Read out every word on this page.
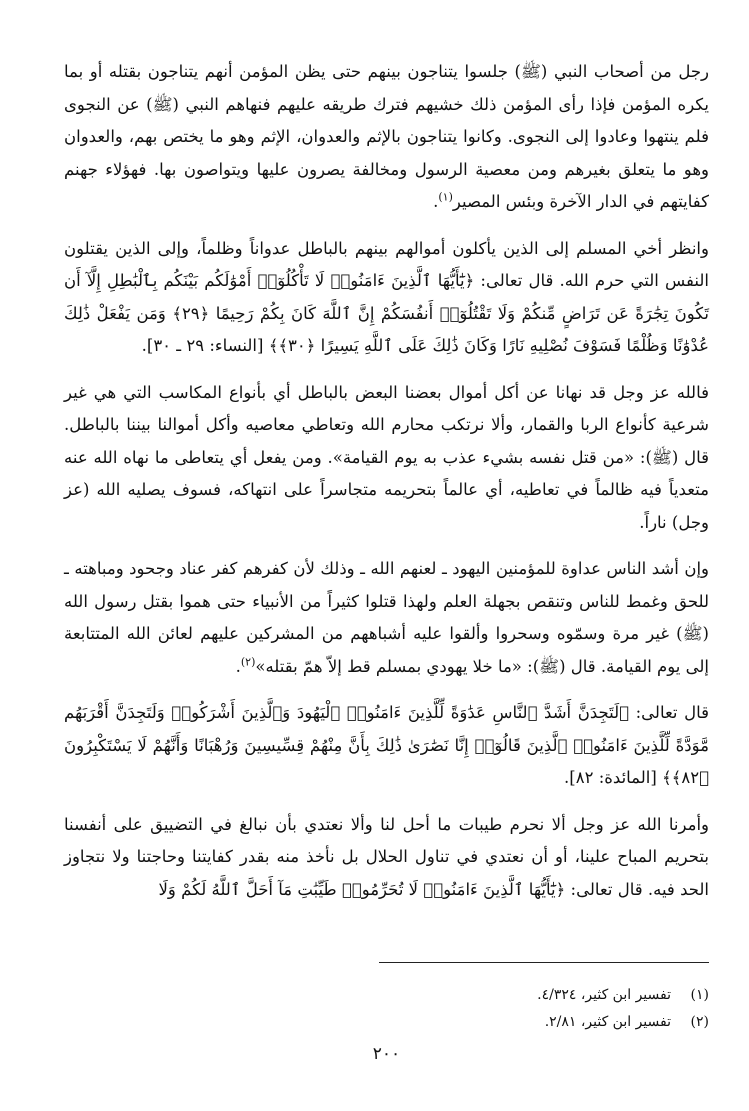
رجل من أصحاب النبي (ﷺ) جلسوا يتناجون بينهم حتى يظن المؤمن أنهم يتناجون بقتله أو بما يكره المؤمن فإذا رأى المؤمن ذلك خشيهم فترك طريقه عليهم فنهاهم النبي (ﷺ) عن النجوى فلم ينتهوا وعادوا إلى النجوى. وكانوا يتناجون بالإثم والعدوان، الإثم وهو ما يختص بهم، والعدوان وهو ما يتعلق بغيرهم ومن معصية الرسول ومخالفة يصرون عليها ويتواصون بها. فهؤلاء جهنم كفايتهم في الدار الآخرة وبئس المصير$^{(١)}$.

وانظر أخي المسلم إلى الذين يأكلون أموالهم بينهم بالباطل عدواناً وظلماً، وإلى الذين يقتلون النفس التي حرم الله. قال تعالى: ﴿يَٰٓأَيُّهَا ٱلَّذِينَ ءَامَنُوا۟ لَا تَأْكُلُوٓا۟ أَمْوَٰلَكُم بَيْنَكُم بِٱلْبَٰطِلِ إِلَّآ أَن تَكُونَ تِجَٰرَةً عَن تَرَاضٍ مِّنكُمْ وَلَا تَقْتُلُوٓا۟ أَنفُسَكُمْ إِنَّ ٱللَّهَ كَانَ بِكُمْ رَحِيمًا ﴿٢٩﴾ وَمَن يَفْعَلْ ذَٰلِكَ عُدْوَٰنًا وَظُلْمًا فَسَوْفَ نُصْلِيهِ نَارًا وَكَانَ ذَٰلِكَ عَلَى ٱللَّهِ يَسِيرًا ﴿٣٠﴾﴾ [النساء: ٢٩ ـ ٣٠].

فالله عز وجل قد نهانا عن أكل أموال بعضنا البعض بالباطل أي بأنواع المكاسب التي هي غير شرعية كأنواع الربا والقمار، وألا نرتكب محارم الله وتعاطي معاصيه وأكل أموالنا بيننا بالباطل. قال (ﷺ): «من قتل نفسه بشيء عذب به يوم القيامة». ومن يفعل أي يتعاطى ما نهاه الله عنه متعدياً فيه ظالماً في تعاطيه، أي عالماً بتحريمه متجاسراً على انتهاكه، فسوف يصليه الله (عز وجل) ناراً.

وإن أشد الناس عداوة للمؤمنين اليهود ـ لعنهم الله ـ وذلك لأن كفرهم كفر عناد وجحود ومباهته ـ للحق وغمط للناس وتنقص بجهلة العلم ولهذا قتلوا كثيراً من الأنبياء حتى هموا بقتل رسول الله (ﷺ) غير مرة وسمّوه وسحروا وألقوا عليه أشباههم من المشركين عليهم لعائن الله المتتابعة إلى يوم القيامة. قال (ﷺ): «ما خلا يهودي بمسلم قط إلاّ همّ بقتله»$^{(٢)}$.

قال تعالى: ﴿لَتَجِدَنَّ أَشَدَّ ٱلنَّاسِ عَدَٰوَةً لِّلَّذِينَ ءَامَنُوا۟ ٱلْيَهُودَ وَٱلَّذِينَ أَشْرَكُوا۟ وَلَتَجِدَنَّ أَقْرَبَهُم مَّوَدَّةً لِّلَّذِينَ ءَامَنُوا۟ ٱلَّذِينَ قَالُوٓا۟ إِنَّا نَصَٰرَىٰ ذَٰلِكَ بِأَنَّ مِنْهُمْ قِسِّيسِينَ وَرُهْبَانًا وَأَنَّهُمْ لَا يَسْتَكْبِرُونَ ﴿٨٢﴾﴾ [المائدة: ٨٢].

وأمرنا الله عز وجل ألا نحرم طيبات ما أحل لنا وألا نعتدي بأن نبالغ في التضييق على أنفسنا بتحريم المباح علينا، أو أن نعتدي في تناول الحلال بل نأخذ منه بقدر كفايتنا وحاجتنا ولا نتجاوز الحد فيه. قال تعالى: ﴿يَٰٓأَيُّهَا ٱلَّذِينَ ءَامَنُوا۟ لَا تُحَرِّمُوا۟ طَيِّبَٰتِ مَآ أَحَلَّ ٱللَّهُ لَكُمْ وَلَا

(١)
تفسير ابن كثير، ٤/٣٢٤.
(٢)
تفسير ابن كثير، ٢/٨١.
٢٠٠
